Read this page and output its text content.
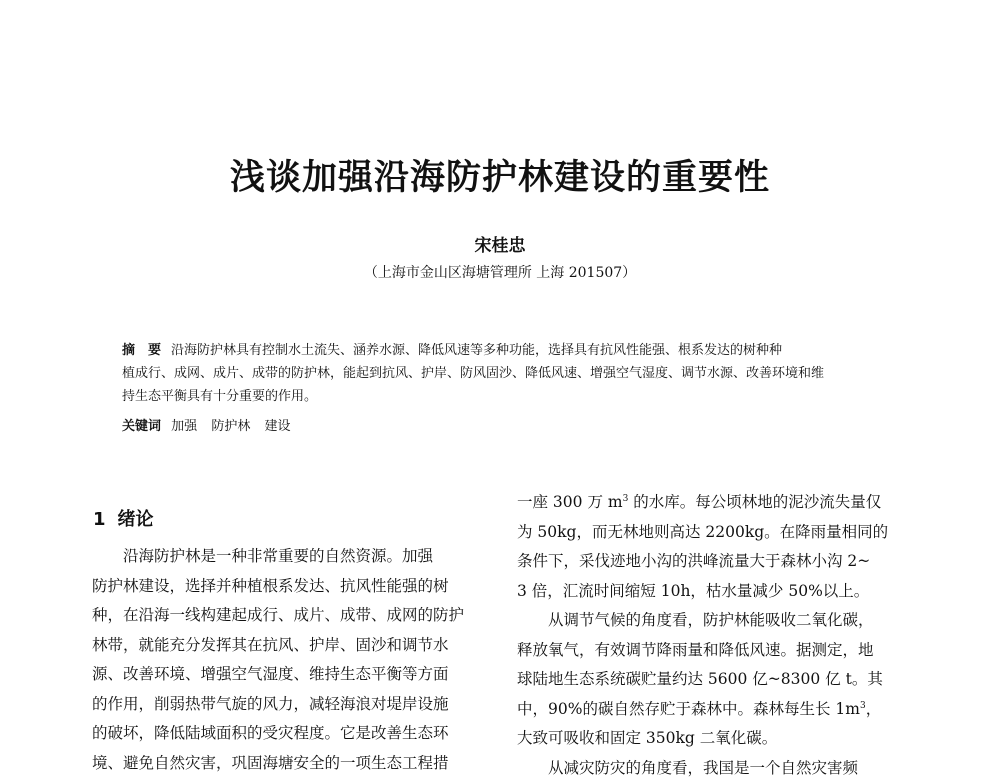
浅谈加强沿海防护林建设的重要性
宋桂忠
（上海市金山区海塘管理所 上海 201507）
摘　要 沿海防护林具有控制水土流失、涵养水源、降低风速等多种功能，选择具有抗风性能强、根系发达的树种种
植成行、成网、成片、成带的防护林，能起到抗风、护岸、防风固沙、降低风速、增强空气湿度、调节水源、改善环境和维
持生态平衡具有十分重要的作用。
关键词 加强 防护林 建设
1 绪论
　　沿海防护林是一种非常重要的自然资源。加强
防护林建设，选择并种植根系发达、抗风性能强的树
种，在沿海一线构建起成行、成片、成带、成网的防护
林带，就能充分发挥其在抗风、护岸、固沙和调节水
源、改善环境、增强空气湿度、维持生态平衡等方面
的作用，削弱热带气旋的风力，减轻海浪对堤岸设施
的破坏，降低陆域面积的受灾程度。它是改善生态环
境、避免自然灾害，巩固海塘安全的一项生态工程措
一座 300 万 $m^3$ 的水库。每公顷林地的泥沙流失量仅
为 50kg，而无林地则高达 2200kg。在降雨量相同的
条件下，采伐迹地小沟的洪峰流量大于森林小沟 2~
3 倍，汇流时间缩短 10h，枯水量减少 50%以上。
　　从调节气候的角度看，防护林能吸收二氧化碳，
释放氧气，有效调节降雨量和降低风速。据测定，地
球陆地生态系统碳贮量约达 5600 亿~8300 亿 t。其
中，90%的碳自然存贮于森林中。森林每生长 $1m^3$，
大致可吸收和固定 350kg 二氧化碳。
　　从减灾防灾的角度看，我国是一个自然灾害频
